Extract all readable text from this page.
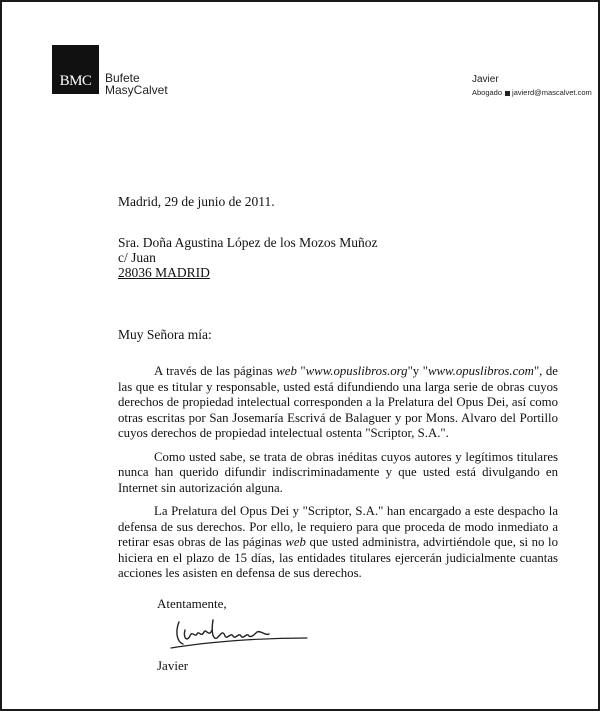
BMC Bufete
MasyCalvet
Javier
Abogado javierd@mascalvet.com
Madrid, 29 de junio de 2011.
Sra. Doña Agustina López de los Mozos Muñoz
c/ Juan
28036 MADRID
Muy Señora mía:

A través de las páginas web "www.opuslibros.org"y "www.opuslibros.com", de las que es titular y responsable, usted está difundiendo una larga serie de obras cuyos derechos de propiedad intelectual corresponden a la Prelatura del Opus Dei, así como otras escritas por San Josemaría Escrivá de Balaguer y por Mons. Alvaro del Portillo cuyos derechos de propiedad intelectual ostenta "Scriptor, S.A.".

Como usted sabe, se trata de obras inéditas cuyos autores y legítimos titulares nunca han querido difundir indiscriminadamente y que usted está divulgando en Internet sin autorización alguna.

La Prelatura del Opus Dei y "Scriptor, S.A." han encargado a este despacho la defensa de sus derechos. Por ello, le requiero para que proceda de modo inmediato a retirar esas obras de las páginas web que usted administra, advirtiéndole que, si no lo hiciera en el plazo de 15 días, las entidades titulares ejercerán judicialmente cuantas acciones les asisten en defensa de sus derechos.

Atentamente,
Javier
